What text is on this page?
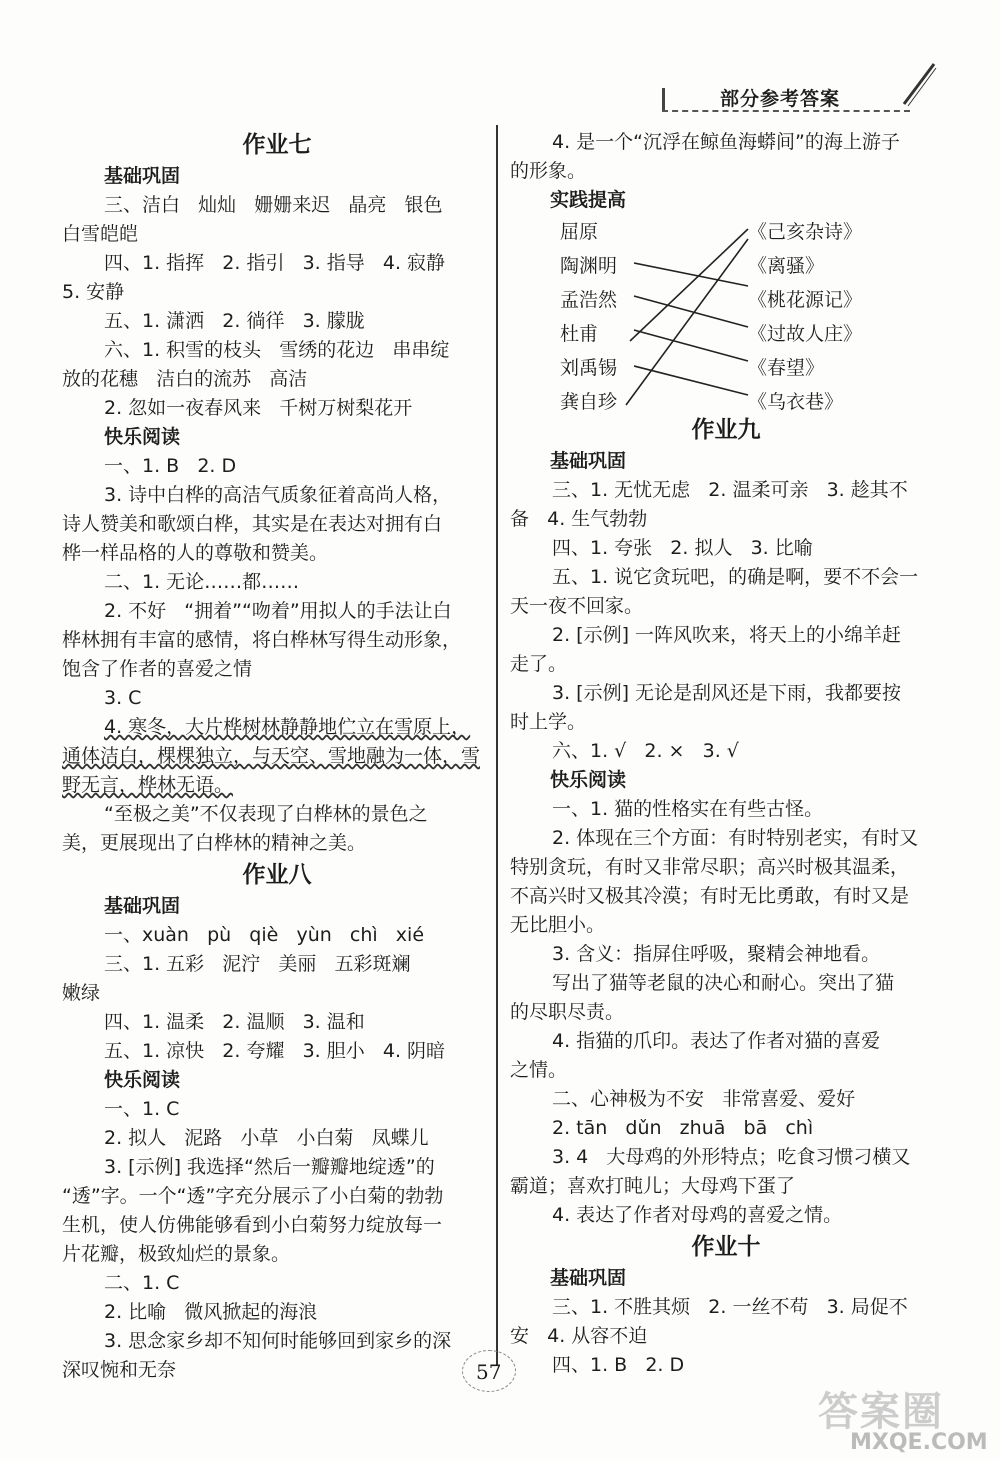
部分参考答案
作业七
基础巩固
三、洁白   灿灿   姗姗来迟   晶亮   银色
白雪皑皑
四、1. 指挥   2. 指引   3. 指导   4. 寂静
5. 安静
五、1. 潇洒   2. 徜徉   3. 朦胧
六、1. 积雪的枝头   雪绣的花边   串串绽
放的花穗   洁白的流苏   高洁
2. 忽如一夜春风来   千树万树梨花开
快乐阅读
一、1. B   2. D
3. 诗中白桦的高洁气质象征着高尚人格，
诗人赞美和歌颂白桦，其实是在表达对拥有白
桦一样品格的人的尊敬和赞美。
二、1. 无论……都……
2. 不好   “拥着”“吻着”用拟人的手法让白
桦林拥有丰富的感情，将白桦林写得生动形象，
饱含了作者的喜爱之情
3. C
4. 寒冬，大片桦树林静静地伫立在雪原上，
通体洁白，棵棵独立，与天空、雪地融为一体，雪
野无言，桦林无语。
“至极之美”不仅表现了白桦林的景色之
美，更展现出了白桦林的精神之美。
作业八
基础巩固
一、xuàn   pù   qiè   yùn   chì   xié
三、1. 五彩   泥泞   美丽   五彩斑斓
嫩绿
四、1. 温柔   2. 温顺   3. 温和
五、1. 凉快   2. 夸耀   3. 胆小   4. 阴暗
快乐阅读
一、1. C
2. 拟人   泥路   小草   小白菊   凤蝶儿
3. [示例] 我选择“然后一瓣瓣地绽透”的
“透”字。一个“透”字充分展示了小白菊的勃勃
生机，使人仿佛能够看到小白菊努力绽放每一
片花瓣，极致灿烂的景象。
二、1. C
2. 比喻   微风掀起的海浪
3. 思念家乡却不知何时能够回到家乡的深
深叹惋和无奈
4. 是一个“沉浮在鲸鱼海蟒间”的海上游子
的形象。
实践提高
屈原
陶渊明
孟浩然
杜甫
刘禹锡
龚自珍
《己亥杂诗》
《离骚》
《桃花源记》
《过故人庄》
《春望》
《乌衣巷》
作业九
基础巩固
三、1. 无忧无虑   2. 温柔可亲   3. 趁其不
备   4. 生气勃勃
四、1. 夸张   2. 拟人   3. 比喻
五、1. 说它贪玩吧，的确是啊，要不不会一
天一夜不回家。
2. [示例] 一阵风吹来，将天上的小绵羊赶
走了。
3. [示例] 无论是刮风还是下雨，我都要按
时上学。
六、1. √   2. ×   3. √
快乐阅读
一、1. 猫的性格实在有些古怪。
2. 体现在三个方面：有时特别老实，有时又
特别贪玩，有时又非常尽职；高兴时极其温柔，
不高兴时又极其冷漠；有时无比勇敢，有时又是
无比胆小。
3. 含义：指屏住呼吸，聚精会神地看。
写出了猫等老鼠的决心和耐心。突出了猫
的尽职尽责。
4. 指猫的爪印。表达了作者对猫的喜爱
之情。
二、心神极为不安   非常喜爱、爱好
2. tān   dǔn   zhuā   bā   chì
3. 4   大母鸡的外形特点；吃食习惯刁横又
霸道；喜欢打盹儿；大母鸡下蛋了
4. 表达了作者对母鸡的喜爱之情。
作业十
基础巩固
三、1. 不胜其烦   2. 一丝不苟   3. 局促不
安   4. 从容不迫
四、1. B   2. D
57
答案圈
MXQE.COM
